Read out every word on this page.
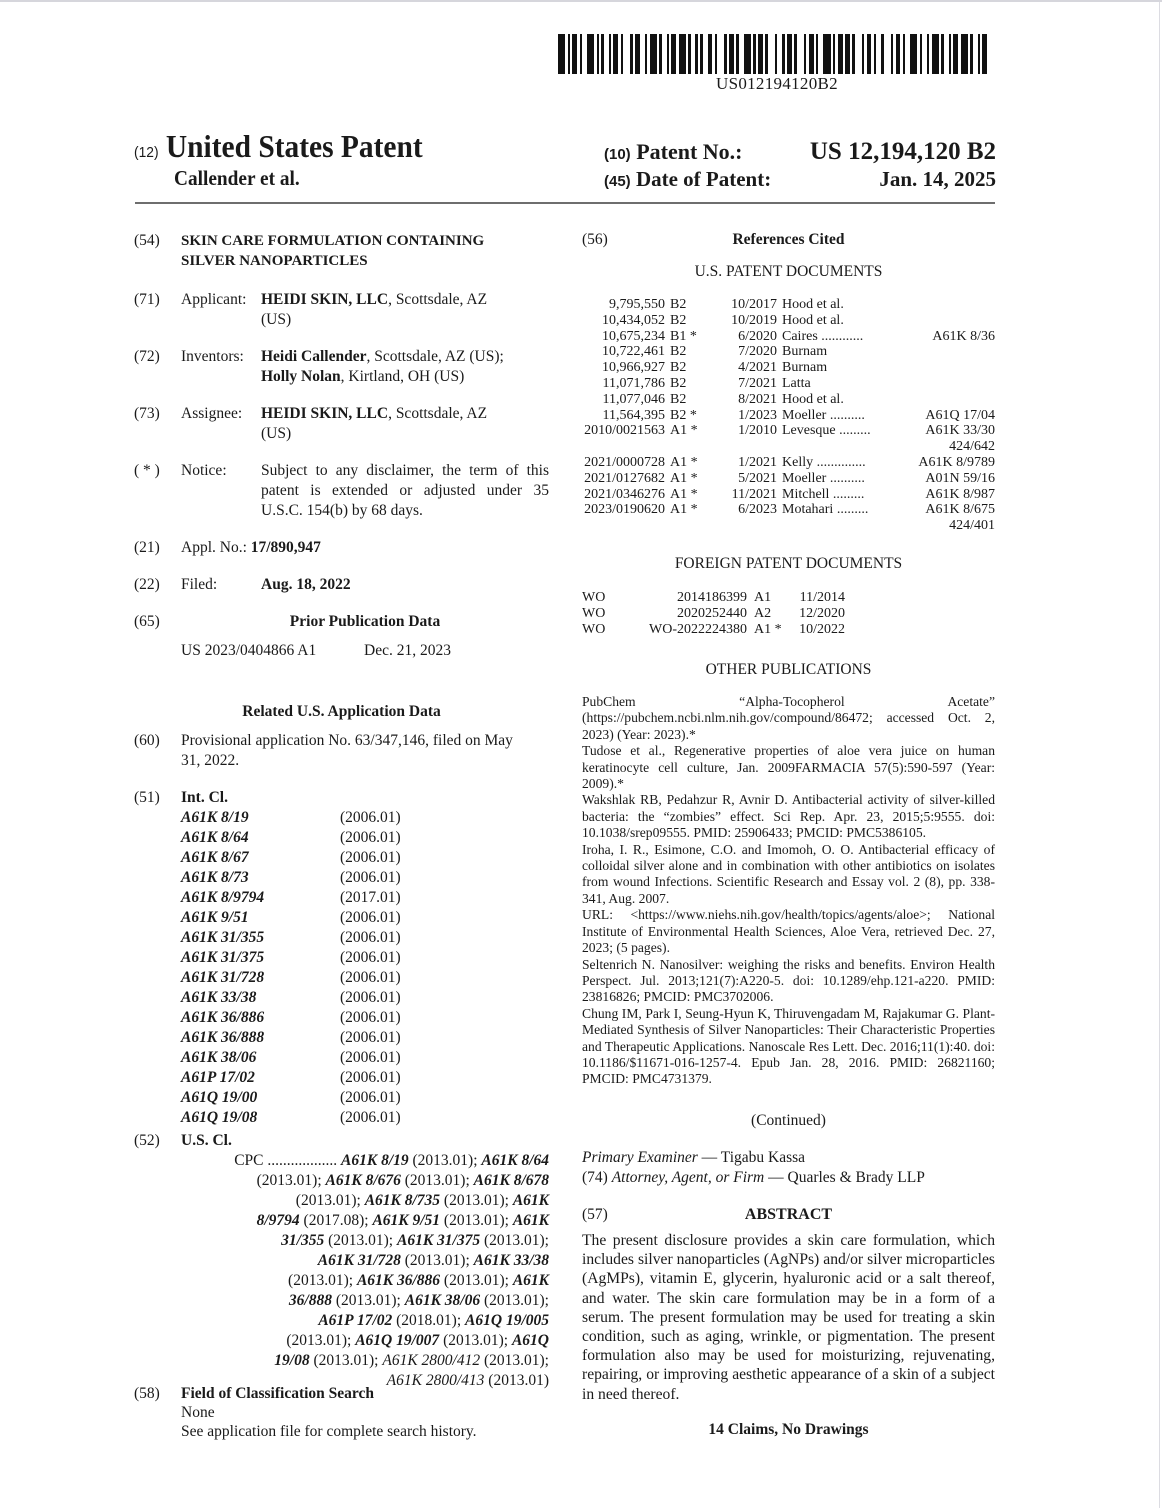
US012194120B2
(12) United States Patent
Callender et al.
(10) Patent No.:	US 12,194,120 B2
(45) Date of Patent:	Jan. 14, 2025
(54)	SKIN CARE FORMULATION CONTAINING
SILVER NANOPARTICLES
(71)	Applicant: HEIDI SKIN, LLC, Scottsdale, AZ
(US)
(72)	Inventors: Heidi Callender, Scottsdale, AZ (US);
Holly Nolan, Kirtland, OH (US)
(73)	Assignee: HEIDI SKIN, LLC, Scottsdale, AZ
(US)
( * )	Notice: Subject to any disclaimer, the term of this
patent is extended or adjusted under 35
U.S.C. 154(b) by 68 days.
(21)	Appl. No.: 17/890,947
(22)	Filed:	Aug. 18, 2022
(65)	Prior Publication Data
US 2023/0404866 A1	Dec. 21, 2023
Related U.S. Application Data
(60)	Provisional application No. 63/347,146, filed on May
31, 2022.
(51)	Int. Cl.
A61K 8/19	(2006.01)
A61K 8/64	(2006.01)
A61K 8/67	(2006.01)
A61K 8/73	(2006.01)
A61K 8/9794	(2017.01)
A61K 9/51	(2006.01)
A61K 31/355	(2006.01)
A61K 31/375	(2006.01)
A61K 31/728	(2006.01)
A61K 33/38	(2006.01)
A61K 36/886	(2006.01)
A61K 36/888	(2006.01)
A61K 38/06	(2006.01)
A61P 17/02	(2006.01)
A61Q 19/00	(2006.01)
A61Q 19/08	(2006.01)
(52)	U.S. Cl.
CPC .................. A61K 8/19 (2013.01); A61K 8/64
(2013.01); A61K 8/676 (2013.01); A61K 8/678
(2013.01); A61K 8/735 (2013.01); A61K
8/9794 (2017.08); A61K 9/51 (2013.01); A61K
31/355 (2013.01); A61K 31/375 (2013.01);
A61K 31/728 (2013.01); A61K 33/38
(2013.01); A61K 36/886 (2013.01); A61K
36/888 (2013.01); A61K 38/06 (2013.01);
A61P 17/02 (2018.01); A61Q 19/005
(2013.01); A61Q 19/007 (2013.01); A61Q
19/08 (2013.01); A61K 2800/412 (2013.01);
A61K 2800/413 (2013.01)
(58)	Field of Classification Search
None
See application file for complete search history.
(56)	References Cited
U.S. PATENT DOCUMENTS
9,795,550 B2	10/2017 Hood et al.
10,434,052 B2	10/2019 Hood et al.
10,675,234 B1 *	6/2020 Caires ............	A61K 8/36
10,722,461 B2	7/2020 Burnam
10,966,927 B2	4/2021 Burnam
11,071,786 B2	7/2021 Latta
11,077,046 B2	8/2021 Hood et al.
11,564,395 B2 *	1/2023 Moeller ..........	A61Q 17/04
2010/0021563 A1 *	1/2010 Levesque .........	A61K 33/30
424/642
2021/0000728 A1 *	1/2021 Kelly ..............	A61K 8/9789
2021/0127682 A1 *	5/2021 Moeller ..........	A01N 59/16
2021/0346276 A1 * 11/2021 Mitchell .........	A61K 8/987
2023/0190620 A1 *	6/2023 Motahari .........	A61K 8/675
424/401
FOREIGN PATENT DOCUMENTS
WO	2014186399 A1 11/2014
WO	2020252440 A2 12/2020
WO	WO-2022224380 A1 * 10/2022
OTHER PUBLICATIONS

PubChem “Alpha-Tocopherol Acetate” (https://pubchem.ncbi.nlm.nih.gov/compound/86472; accessed Oct. 2, 2023) (Year: 2023).*

Tudose et al., Regenerative properties of aloe vera juice on human keratinocyte cell culture, Jan. 2009FARMACIA 57(5):590-597 (Year: 2009).*

Wakshlak RB, Pedahzur R, Avnir D. Antibacterial activity of silver-killed bacteria: the “zombies” effect. Sci Rep. Apr. 23, 2015;5:9555. doi: 10.1038/srep09555. PMID: 25906433; PMCID: PMC5386105.

Iroha, I. R., Esimone, C.O. and Imomoh, O. O. Antibacterial efficacy of colloidal silver alone and in combination with other antibiotics on isolates from wound Infections. Scientific Research and Essay vol. 2 (8), pp. 338-341, Aug. 2007.

URL: <https://www.niehs.nih.gov/health/topics/agents/aloe>; National Institute of Environmental Health Sciences, Aloe Vera, retrieved Dec. 27, 2023; (5 pages).

Seltenrich N. Nanosilver: weighing the risks and benefits. Environ Health Perspect. Jul. 2013;121(7):A220-5. doi: 10.1289/ehp.121-a220. PMID: 23816826; PMCID: PMC3702006.

Chung IM, Park I, Seung-Hyun K, Thiruvengadam M, Rajakumar G. Plant-Mediated Synthesis of Silver Nanoparticles: Their Characteristic Properties and Therapeutic Applications. Nanoscale Res Lett. Dec. 2016;11(1):40. doi: 10.1186/$11671-016-1257-4. Epub Jan. 28, 2016. PMID: 26821160; PMCID: PMC4731379.

(Continued)
Primary Examiner — Tigabu Kassa
(74) Attorney, Agent, or Firm — Quarles & Brady LLP
(57)	ABSTRACT
The present disclosure provides a skin care formulation, which includes silver nanoparticles (AgNPs) and/or silver microparticles (AgMPs), vitamin E, glycerin, hyaluronic acid or a salt thereof, and water. The skin care formulation may be in a form of a serum. The present formulation may be used for treating a skin condition, such as aging, wrinkle, or pigmentation. The present formulation also may be used for moisturizing, rejuvenating, repairing, or improving aesthetic appearance of a skin of a subject in need thereof.
14 Claims, No Drawings
